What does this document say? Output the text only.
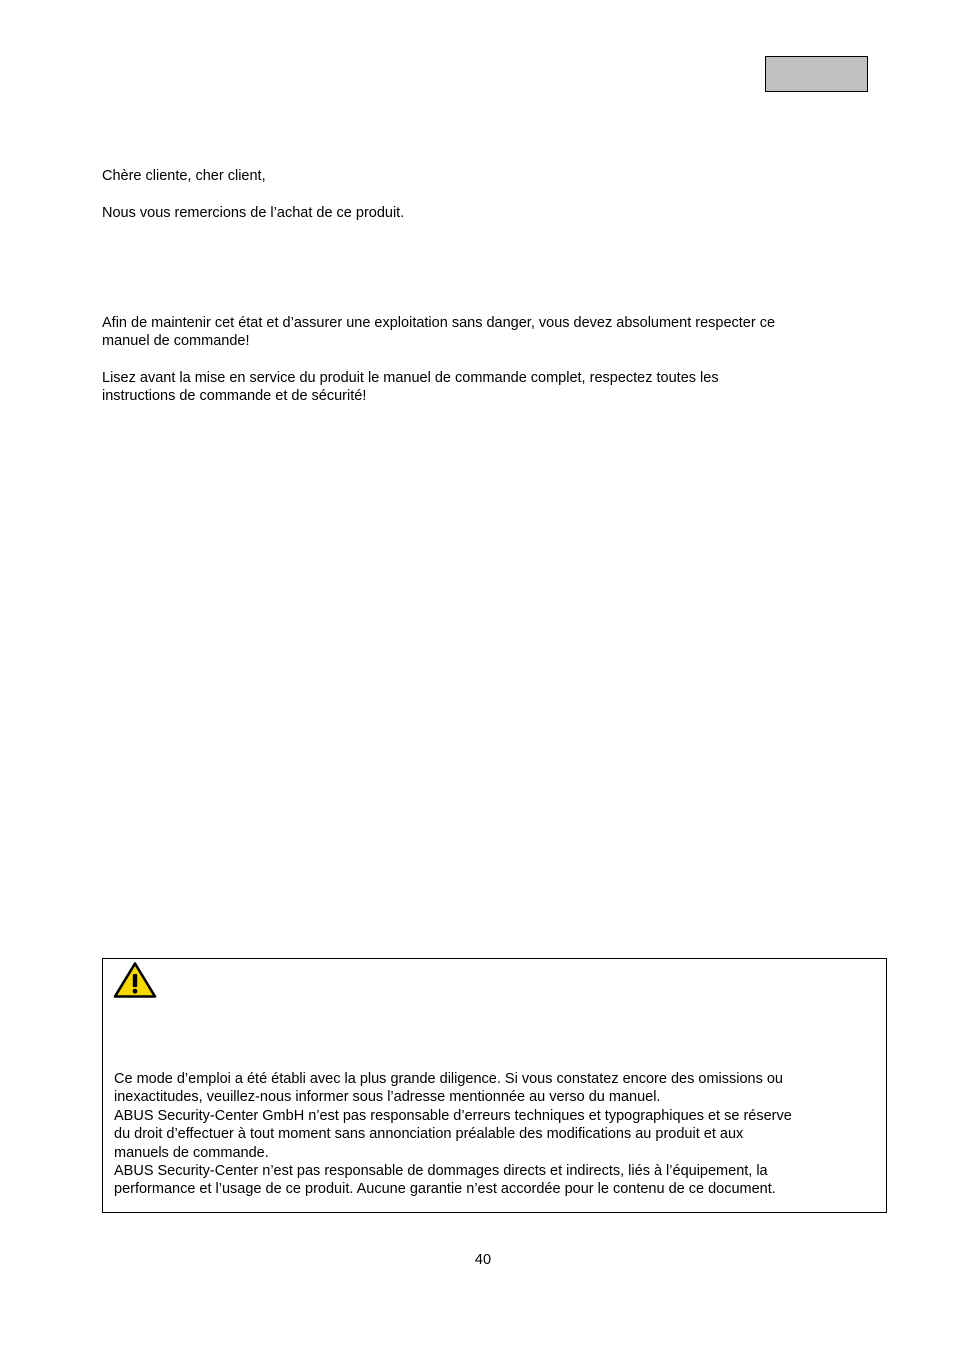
Chère cliente, cher client,

Nous vous remercions de l’achat de ce produit.

Afin de maintenir cet état et d’assurer une exploitation sans danger, vous devez absolument respecter ce
manuel de commande!
Lisez avant la mise en service du produit le manuel de commande complet, respectez toutes les
instructions de commande et de sécurité!

Ce mode d’emploi a été établi avec la plus grande diligence. Si vous constatez encore des omissions ou

inexactitudes, veuillez-nous informer sous l’adresse mentionnée au verso du manuel.

ABUS Security-Center GmbH n’est pas responsable d’erreurs techniques et typographiques et se réserve

du droit d’effectuer à tout moment sans annonciation préalable des modifications au produit et aux

manuels de commande.

ABUS Security-Center n’est pas responsable de dommages directs et indirects, liés à l’équipement, la

performance et l’usage de ce produit. Aucune garantie n’est accordée pour le contenu de ce document.

40
